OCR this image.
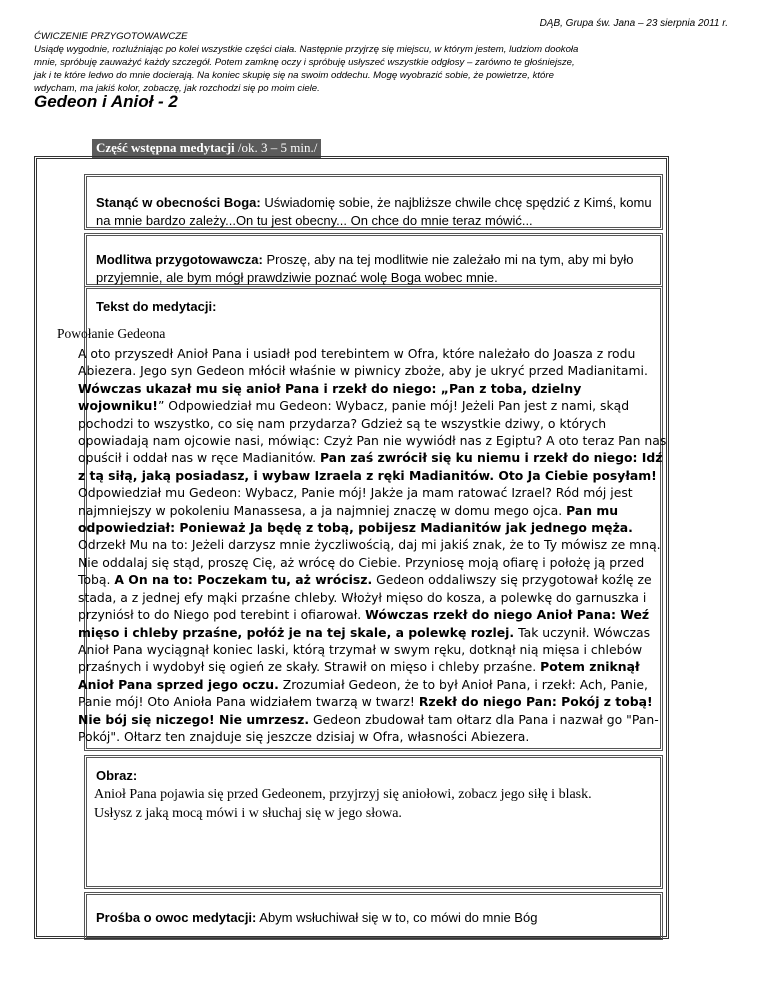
DĄB, Grupa św. Jana – 23 sierpnia 2011 r.
ĆWICZENIE PRZYGOTOWAWCZE
Usiądę wygodnie, rozluźniając po kolei wszystkie części ciała. Następnie przyjrzę się miejscu, w którym jestem, ludziom dookoła
mnie, spróbuję zauważyć każdy szczegół. Potem zamknę oczy i spróbuję usłyszeć wszystkie odgłosy – zarówno te głośniejsze,
jak i te które ledwo do mnie docierają. Na koniec skupię się na swoim oddechu. Mogę wyobrazić sobie, że powietrze, które
wdycham, ma jakiś kolor, zobaczę, jak rozchodzi się po moim ciele.
Gedeon i Anioł - 2
Część wstępna medytacji /ok. 3 – 5 min./
Stanąć w obecności Boga: Uświadomię sobie, że najbliższe chwile chcę spędzić z Kimś, komu na mnie bardzo zależy...On tu jest obecny... On chce do mnie teraz mówić...
Modlitwa przygotowawcza: Proszę, aby na tej modlitwie nie zależało mi na tym, aby mi było przyjemnie, ale bym mógł prawdziwie poznać wolę Boga wobec mnie.
Tekst do medytacji:
Obraz:

Anioł Pana pojawia się przed Gedeonem, przyjrzyj się aniołowi, zobacz jego siłę i blask.
Usłysz z jaką mocą mówi i w słuchaj się w jego słowa.

Prośba o owoc medytacji: Abym wsłuchiwał się w to, co mówi do mnie Bóg
Powołanie Gedeona
A oto przyszedł Anioł Pana i usiadł pod terebintem w Ofra, które należało do Joasza z rodu Abiezera. Jego syn Gedeon młócił właśnie w piwnicy zboże, aby je ukryć przed Madianitami. Wówczas ukazał mu się anioł Pana i rzekł do niego: „Pan z toba, dzielny wojowniku!” Odpowiedział mu Gedeon: Wybacz, panie mój! Jeżeli Pan jest z nami, skąd pochodzi to wszystko, co się nam przydarza? Gdzież są te wszystkie dziwy, o których opowiadają nam ojcowie nasi, mówiąc: Czyż Pan nie wywiódł nas z Egiptu? A oto teraz Pan nas opuścił i oddał nas w ręce Madianitów. Pan zaś zwrócił się ku niemu i rzekł do niego: Idź z tą siłą, jaką posiadasz, i wybaw Izraela z ręki Madianitów. Oto Ja Ciebie posyłam! Odpowiedział mu Gedeon: Wybacz, Panie mój! Jakże ja mam ratować Izrael? Ród mój jest najmniejszy w pokoleniu Manassesa, a ja najmniej znaczę w domu mego ojca. Pan mu odpowiedział: Ponieważ Ja będę z tobą, pobijesz Madianitów jak jednego męża. Odrzekł Mu na to: Jeżeli darzysz mnie życzliwością, daj mi jakiś znak, że to Ty mówisz ze mną. Nie oddalaj się stąd, proszę Cię, aż wrócę do Ciebie. Przyniosę moją ofiarę i położę ją przed Tobą. A On na to: Poczekam tu, aż wrócisz. Gedeon oddaliwszy się przygotował koźlę ze stada, a z jednej efy mąki przaśne chleby. Włożył mięso do kosza, a polewkę do garnuszka i przyniósł to do Niego pod terebint i ofiarował. Wówczas rzekł do niego Anioł Pana: Weź mięso i chleby przaśne, połóż je na tej skale, a polewkę rozlej. Tak uczynił. Wówczas Anioł Pana wyciągnął koniec laski, którą trzymał w swym ręku, dotknął nią mięsa i chlebów przaśnych i wydobył się ogień ze skały. Strawił on mięso i chleby przaśne. Potem zniknął Anioł Pana sprzed jego oczu. Zrozumiał Gedeon, że to był Anioł Pana, i rzekł: Ach, Panie, Panie mój! Oto Anioła Pana widziałem twarzą w twarz! Rzekł do niego Pan: Pokój z tobą! Nie bój się niczego! Nie umrzesz. Gedeon zbudował tam ołtarz dla Pana i nazwał go "Pan-Pokój". Ołtarz ten znajduje się jeszcze dzisiaj w Ofra, własności Abiezera.
